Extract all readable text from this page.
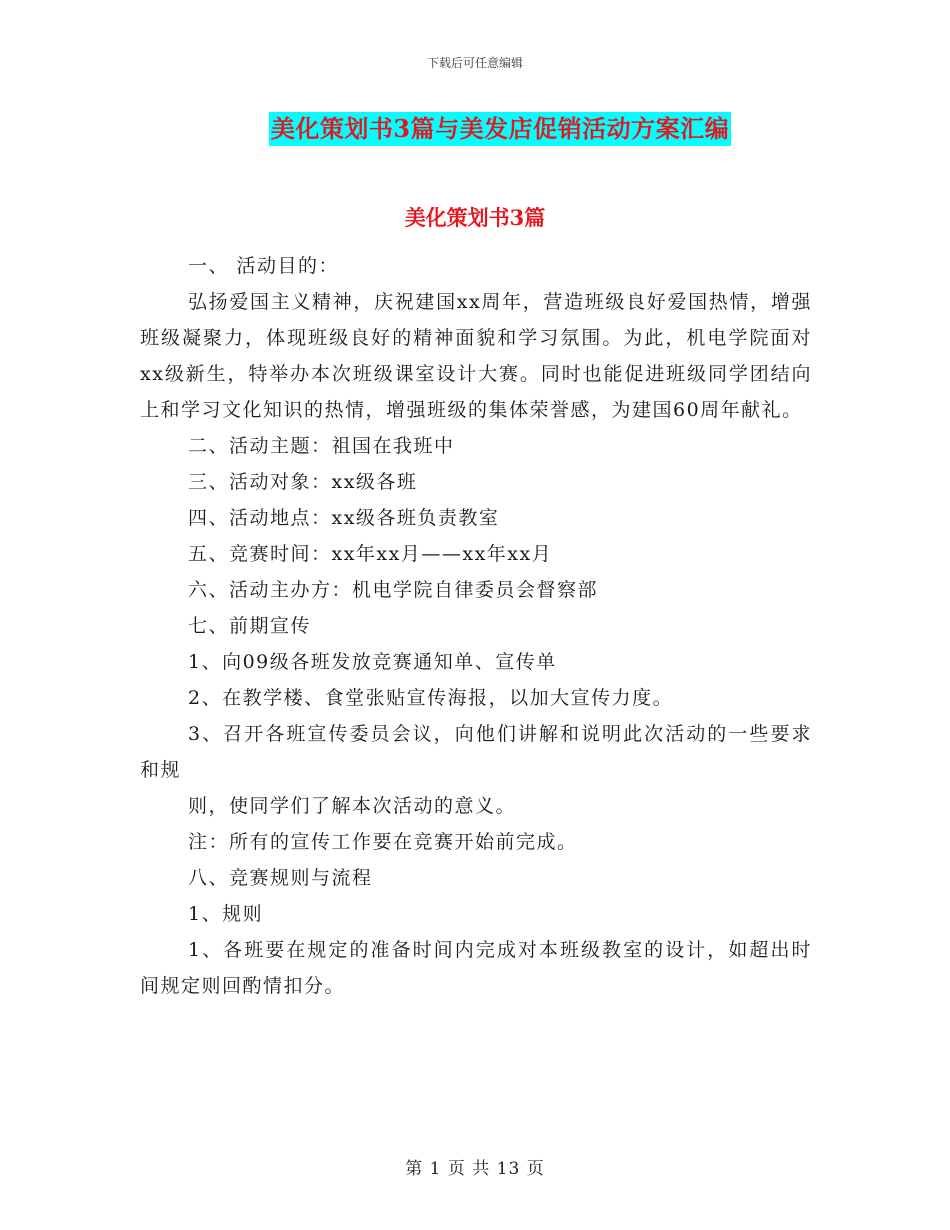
下载后可任意编辑
美化策划书3篇与美发店促销活动方案汇编
美化策划书3篇

一、 活动目的：

弘扬爱国主义精神，庆祝建国xx周年，营造班级良好爱国热情，增强班级凝聚力，体现班级良好的精神面貌和学习氛围。为此，机电学院面对xx级新生，特举办本次班级课室设计大赛。同时也能促进班级同学团结向上和学习文化知识的热情，增强班级的集体荣誉感，为建国60周年献礼。

二、活动主题：祖国在我班中

三、活动对象：xx级各班

四、活动地点：xx级各班负责教室

五、竞赛时间：xx年xx月——xx年xx月

六、活动主办方：机电学院自律委员会督察部

七、前期宣传

1、向09级各班发放竞赛通知单、宣传单

2、在教学楼、食堂张贴宣传海报，以加大宣传力度。

3、召开各班宣传委员会议，向他们讲解和说明此次活动的一些要求和规

则，使同学们了解本次活动的意义。

注：所有的宣传工作要在竞赛开始前完成。

八、竞赛规则与流程

1、规则

1、各班要在规定的准备时间内完成对本班级教室的设计，如超出时间规定则回酌情扣分。

第 1 页 共 13 页
